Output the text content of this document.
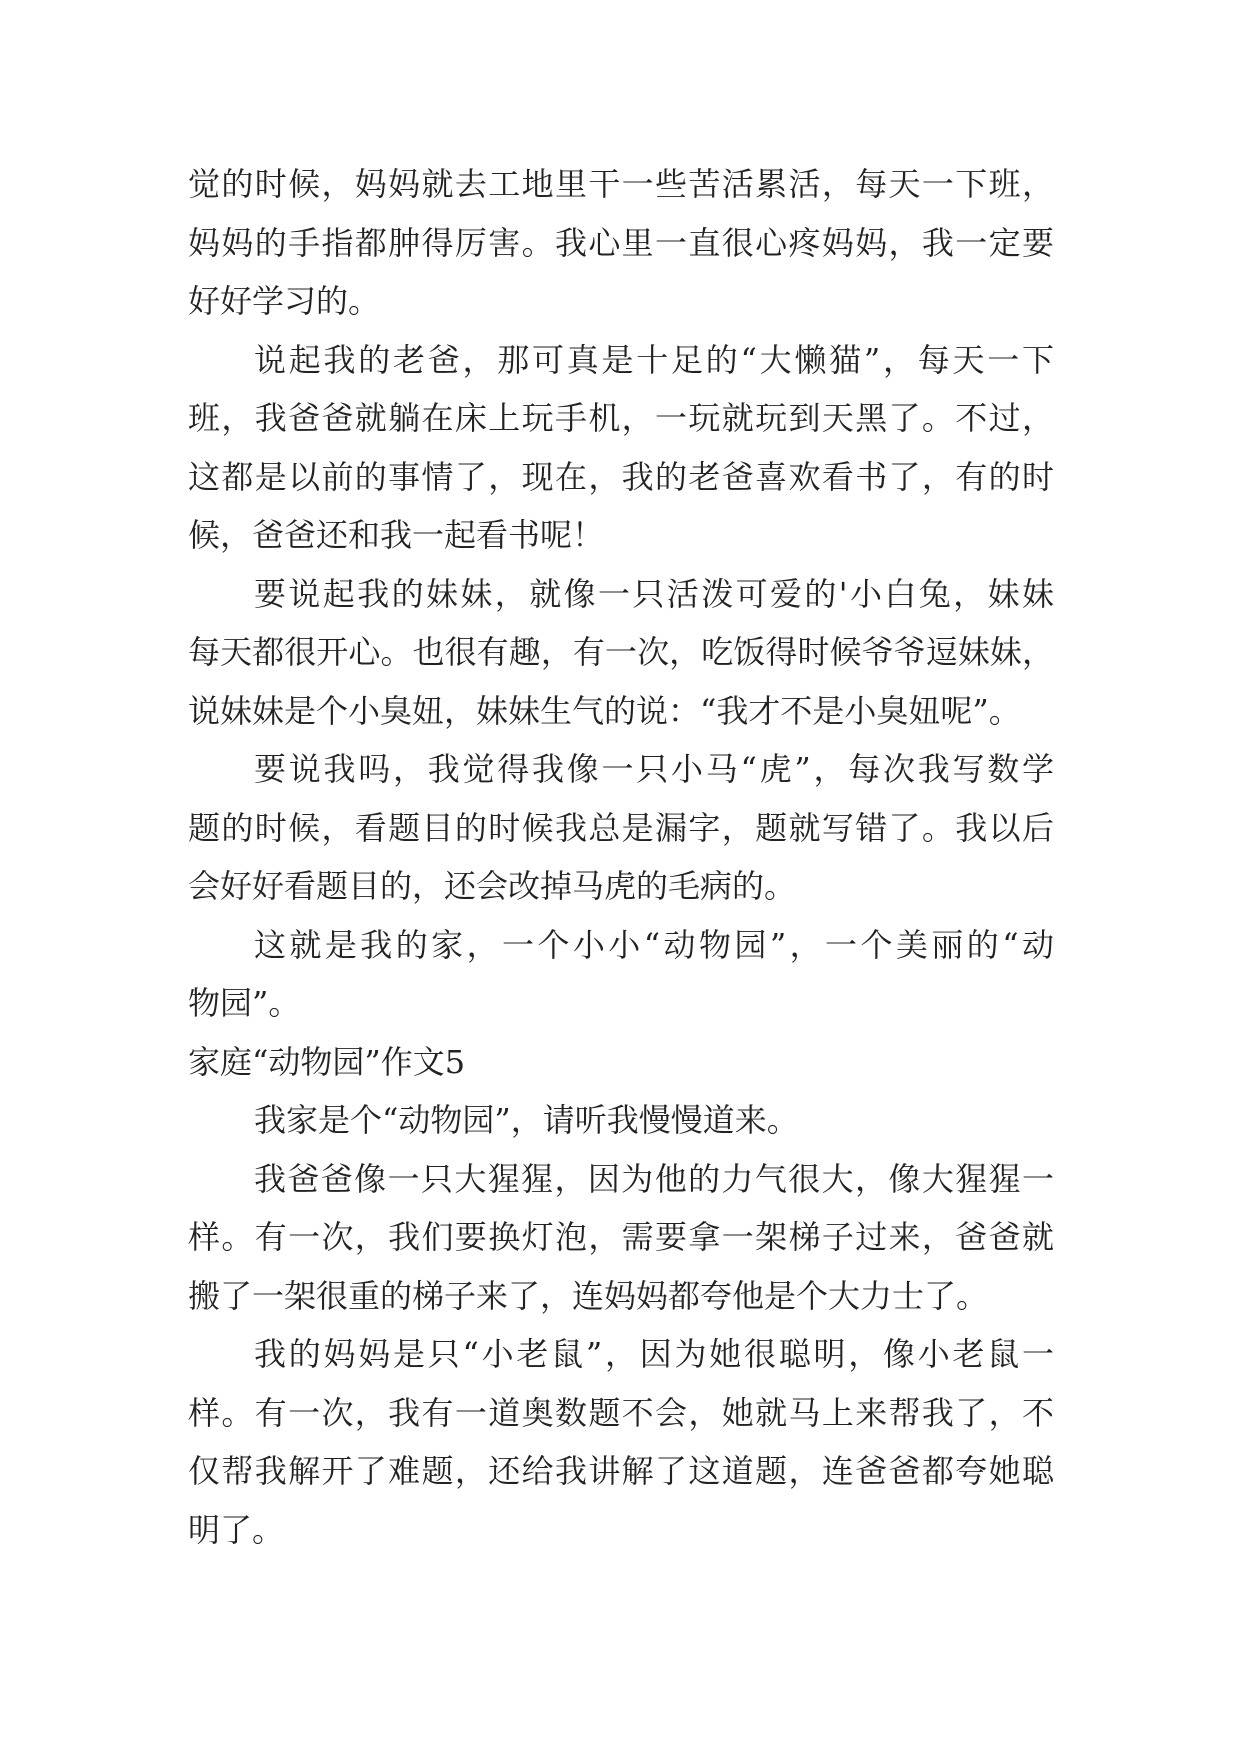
觉的时候，妈妈就去工地里干一些苦活累活，每天一下班，
妈妈的手指都肿得厉害。我心里一直很心疼妈妈，我一定要
好好学习的。
说起我的老爸，那可真是十足的“大懒猫”，每天一下
班，我爸爸就躺在床上玩手机，一玩就玩到天黑了。不过，
这都是以前的事情了，现在，我的老爸喜欢看书了，有的时
候，爸爸还和我一起看书呢！
要说起我的妹妹，就像一只活泼可爱的'小白兔，妹妹
每天都很开心。也很有趣，有一次，吃饭得时候爷爷逗妹妹，
说妹妹是个小臭妞，妹妹生气的说：“我才不是小臭妞呢”。
要说我吗，我觉得我像一只小马“虎”，每次我写数学
题的时候，看题目的时候我总是漏字，题就写错了。我以后
会好好看题目的，还会改掉马虎的毛病的。
这就是我的家，一个小小“动物园”，一个美丽的“动
物园”。
家庭“动物园”作文5
我家是个“动物园”，请听我慢慢道来。
我爸爸像一只大猩猩，因为他的力气很大，像大猩猩一
样。有一次，我们要换灯泡，需要拿一架梯子过来，爸爸就
搬了一架很重的梯子来了，连妈妈都夸他是个大力士了。
我的妈妈是只“小老鼠”，因为她很聪明，像小老鼠一
样。有一次，我有一道奥数题不会，她就马上来帮我了，不
仅帮我解开了难题，还给我讲解了这道题，连爸爸都夸她聪
明了。
